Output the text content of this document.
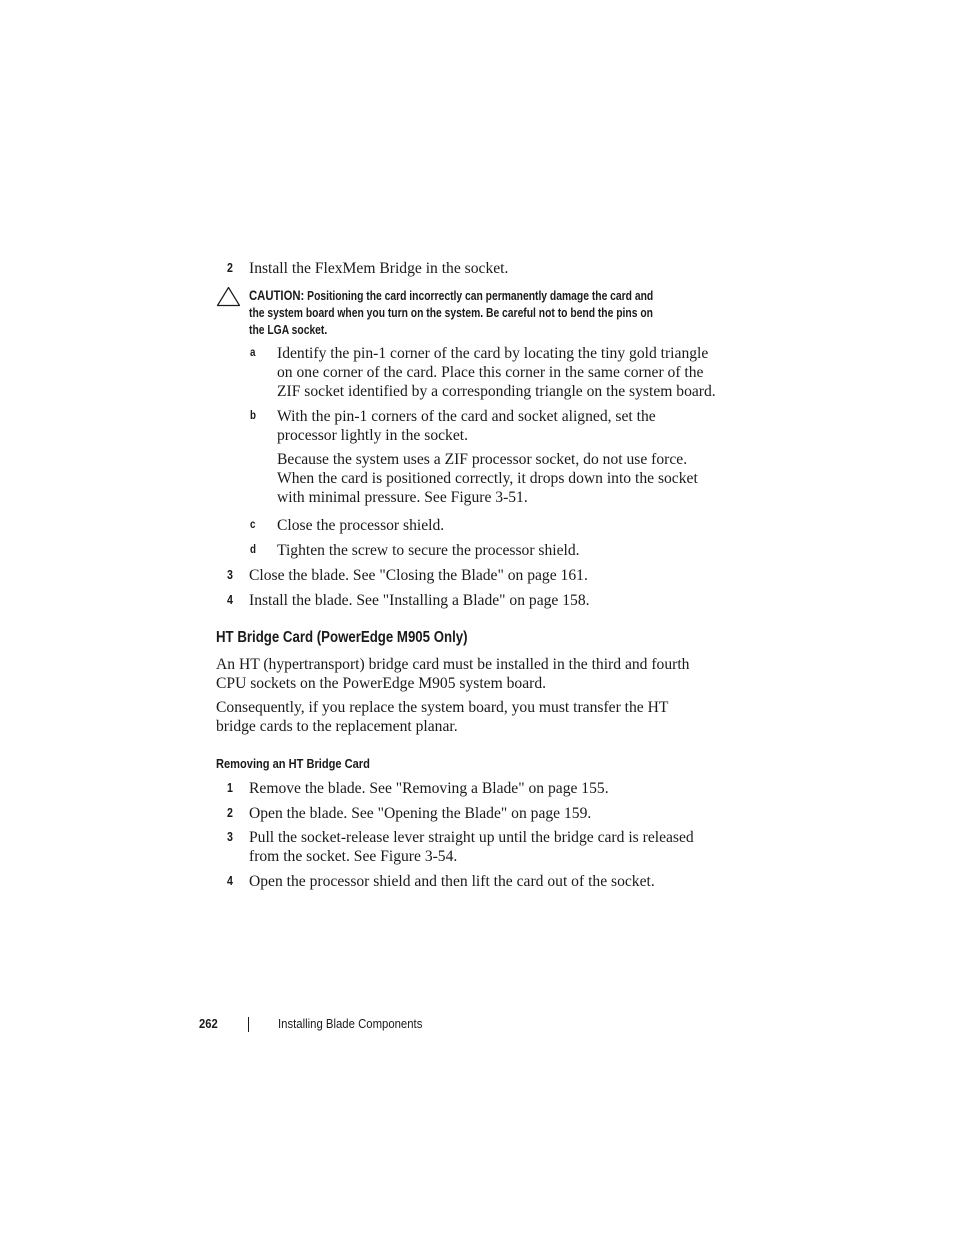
2 Install the FlexMem Bridge in the socket.
CAUTION: Positioning the card incorrectly can permanently damage the card and
the system board when you turn on the system. Be careful not to bend the pins on
the LGA socket.
a Identify the pin-1 corner of the card by locating the tiny gold triangle
on one corner of the card. Place this corner in the same corner of the
ZIF socket identified by a corresponding triangle on the system board.
b With the pin-1 corners of the card and socket aligned, set the
processor lightly in the socket.
Because the system uses a ZIF processor socket, do not use force.
When the card is positioned correctly, it drops down into the socket
with minimal pressure. See Figure 3-51.
c Close the processor shield.
d Tighten the screw to secure the processor shield.
3 Close the blade. See "Closing the Blade" on page 161.
4 Install the blade. See "Installing a Blade" on page 158.
HT Bridge Card (PowerEdge M905 Only)
An HT (hypertransport) bridge card must be installed in the third and fourth
CPU sockets on the PowerEdge M905 system board.
Consequently, if you replace the system board, you must transfer the HT
bridge cards to the replacement planar.
Removing an HT Bridge Card
1 Remove the blade. See "Removing a Blade" on page 155.
2 Open the blade. See "Opening the Blade" on page 159.
3 Pull the socket-release lever straight up until the bridge card is released
from the socket. See Figure 3-54.
4 Open the processor shield and then lift the card out of the socket.
262	Installing Blade Components
